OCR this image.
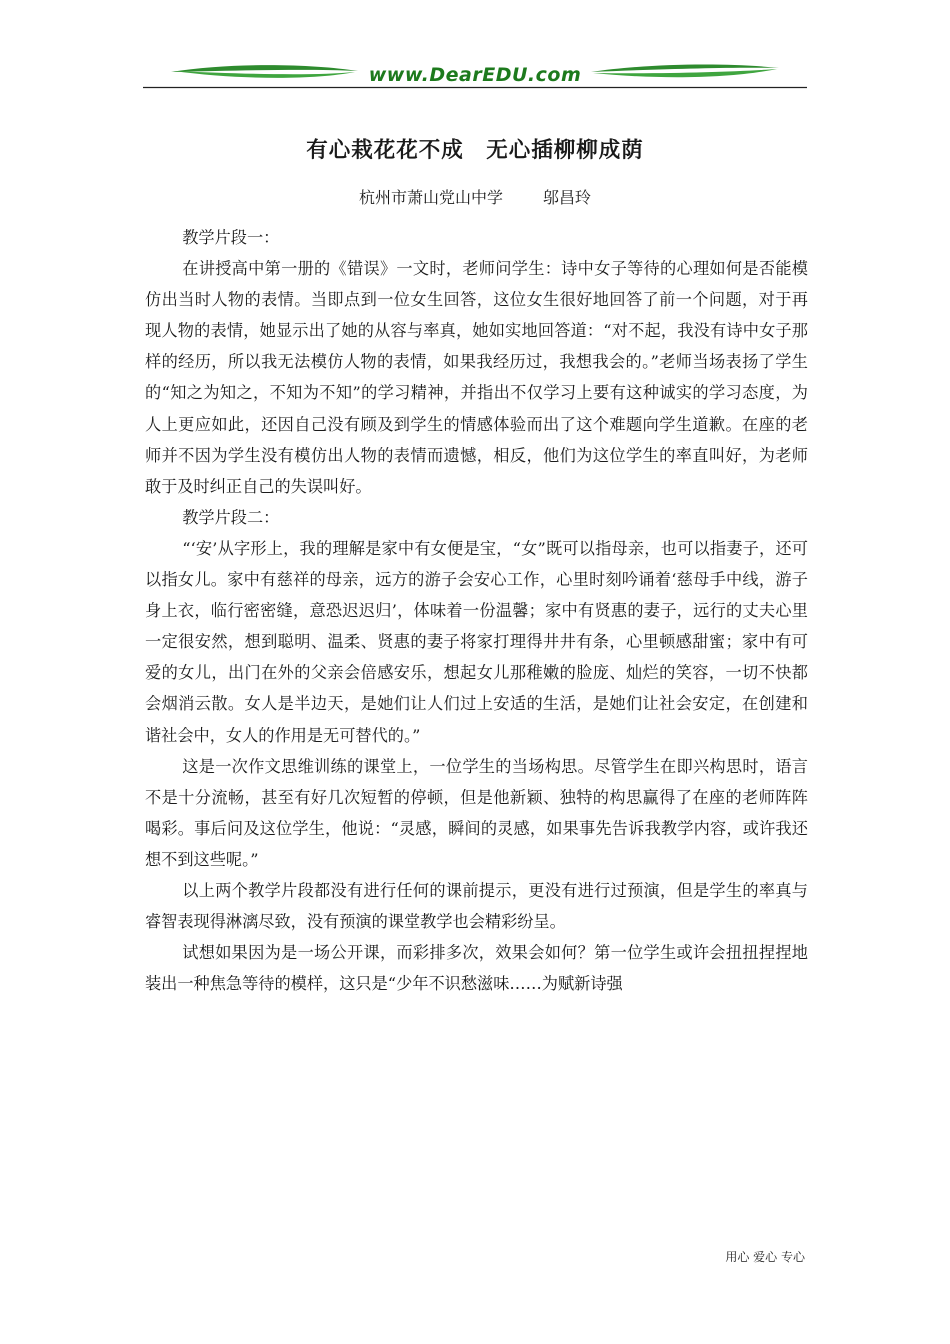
www.DearEDU.com
有心栽花花不成　无心插柳柳成荫
杭州市萧山党山中学	邬昌玲

教学片段一：

在讲授高中第一册的《错误》一文时，老师问学生：诗中女子等待的心理如何是否能模仿出当时人物的表情。当即点到一位女生回答，这位女生很好地回答了前一个问题，对于再现人物的表情，她显示出了她的从容与率真，她如实地回答道：“对不起，我没有诗中女子那样的经历，所以我无法模仿人物的表情，如果我经历过，我想我会的。”老师当场表扬了学生的“知之为知之，不知为不知”的学习精神，并指出不仅学习上要有这种诚实的学习态度，为人上更应如此，还因自己没有顾及到学生的情感体验而出了这个难题向学生道歉。在座的老师并不因为学生没有模仿出人物的表情而遗憾，相反，他们为这位学生的率直叫好，为老师敢于及时纠正自己的失误叫好。

教学片段二：

“‘安’从字形上，我的理解是家中有女便是宝，“女”既可以指母亲，也可以指妻子，还可以指女儿。家中有慈祥的母亲，远方的游子会安心工作，心里时刻吟诵着‘慈母手中线，游子身上衣，临行密密缝，意恐迟迟归’，体味着一份温馨；家中有贤惠的妻子，远行的丈夫心里一定很安然，想到聪明、温柔、贤惠的妻子将家打理得井井有条，心里顿感甜蜜；家中有可爱的女儿，出门在外的父亲会倍感安乐，想起女儿那稚嫩的脸庞、灿烂的笑容，一切不快都会烟消云散。女人是半边天，是她们让人们过上安适的生活，是她们让社会安定，在创建和谐社会中，女人的作用是无可替代的。”

这是一次作文思维训练的课堂上，一位学生的当场构思。尽管学生在即兴构思时，语言不是十分流畅，甚至有好几次短暂的停顿，但是他新颖、独特的构思赢得了在座的老师阵阵喝彩。事后问及这位学生，他说：“灵感，瞬间的灵感，如果事先告诉我教学内容，或许我还想不到这些呢。”

以上两个教学片段都没有进行任何的课前提示，更没有进行过预演，但是学生的率真与睿智表现得淋漓尽致，没有预演的课堂教学也会精彩纷呈。

试想如果因为是一场公开课，而彩排多次，效果会如何？第一位学生或许会扭扭捏捏地装出一种焦急等待的模样，这只是“少年不识愁滋味……为赋新诗强

用心 爱心 专心
